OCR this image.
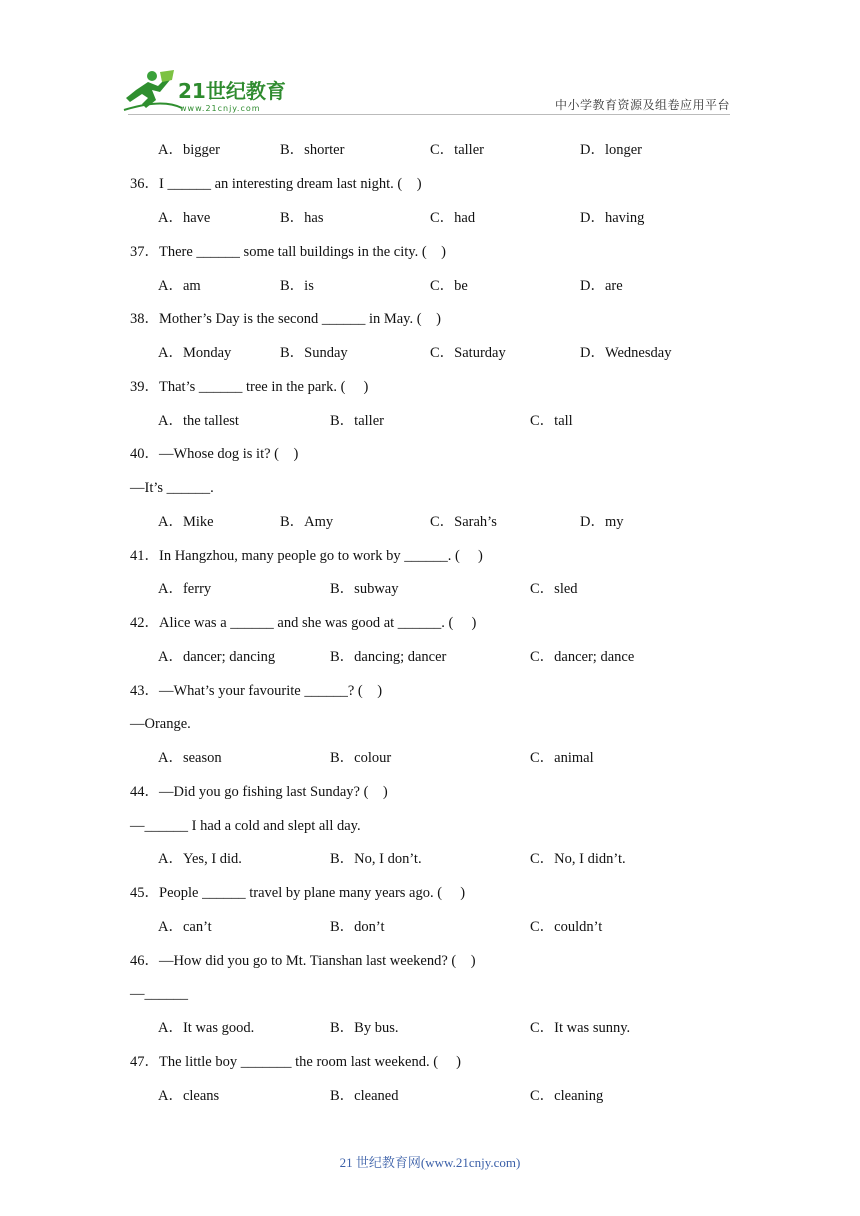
21世纪教育
www.21cnjy.com	中小学教育资源及组卷应用平台
A．bigger	B．shorter	C．taller	D．longer
36．I ______ an interesting dream last night. (    )
A．have	B．has	C．had	D．having
37．There ______ some tall buildings in the city. (    )
A．am	B．is	C．be	D．are
38．Mother’s Day is the second ______ in May. (    )
A．Monday	B．Sunday	C．Saturday	D．Wednesday
39．That’s ______ tree in the park. (     )
A．the tallest	B．taller	C．tall
40．—Whose dog is it? (    )
—It’s ______.
A．Mike	B．Amy	C．Sarah’s	D．my
41．In Hangzhou, many people go to work by ______. (     )
A．ferry	B．subway	C．sled
42．Alice was a ______ and she was good at ______. (     )
A．dancer; dancing	B．dancing; dancer	C．dancer; dance
43．—What’s your favourite ______? (    )
—Orange.
A．season	B．colour	C．animal
44．—Did you go fishing last Sunday? (    )
—______ I had a cold and slept all day.
A．Yes, I did.	B．No, I don’t.	C．No, I didn’t.
45．People ______ travel by plane many years ago. (     )
A．can’t	B．don’t	C．couldn’t
46．—How did you go to Mt. Tianshan last weekend? (    )
—______
A．It was good.	B．By bus.	C．It was sunny.
47．The little boy _______ the room last weekend. (     )
A．cleans	B．cleaned	C．cleaning
21 世纪教育网(www.21cnjy.com)
